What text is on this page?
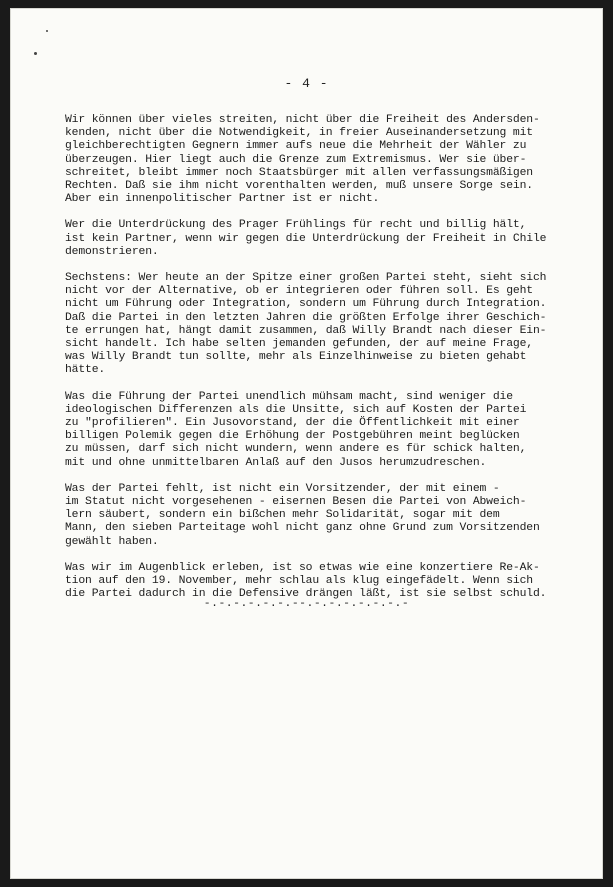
- 4 -
Wir können über vieles streiten, nicht über die Freiheit des Andersden-
kenden, nicht über die Notwendigkeit, in freier Auseinandersetzung mit
gleichberechtigten Gegnern immer aufs neue die Mehrheit der Wähler zu
überzeugen. Hier liegt auch die Grenze zum Extremismus. Wer sie über-
schreitet, bleibt immer noch Staatsbürger mit allen verfassungsmäßigen
Rechten. Daß sie ihm nicht vorenthalten werden, muß unsere Sorge sein.
Aber ein innenpolitischer Partner ist er nicht.
Wer die Unterdrückung des Prager Frühlings für recht und billig hält,
ist kein Partner, wenn wir gegen die Unterdrückung der Freiheit in Chile
demonstrieren.
Sechstens: Wer heute an der Spitze einer großen Partei steht, sieht sich
nicht vor der Alternative, ob er integrieren oder führen soll. Es geht
nicht um Führung oder Integration, sondern um Führung durch Integration.
Daß die Partei in den letzten Jahren die größten Erfolge ihrer Geschich-
te errungen hat, hängt damit zusammen, daß Willy Brandt nach dieser Ein-
sicht handelt. Ich habe selten jemanden gefunden, der auf meine Frage,
was Willy Brandt tun sollte, mehr als Einzelhinweise zu bieten gehabt
hätte.
Was die Führung der Partei unendlich mühsam macht, sind weniger die
ideologischen Differenzen als die Unsitte, sich auf Kosten der Partei
zu "profilieren". Ein Jusovorstand, der die Öffentlichkeit mit einer
billigen Polemik gegen die Erhöhung der Postgebühren meint beglücken
zu müssen, darf sich nicht wundern, wenn andere es für schick halten,
mit und ohne unmittelbaren Anlaß auf den Jusos herumzudreschen.
Was der Partei fehlt, ist nicht ein Vorsitzender, der mit einem -
im Statut nicht vorgesehenen - eisernen Besen die Partei von Abweich-
lern säubert, sondern ein bißchen mehr Solidarität, sogar mit dem
Mann, den sieben Parteitage wohl nicht ganz ohne Grund zum Vorsitzenden
gewählt haben.
Was wir im Augenblick erleben, ist so etwas wie eine konzertiere Re-Ak-
tion auf den 19. November, mehr schlau als klug eingefädelt. Wenn sich
die Partei dadurch in die Defensive drängen läßt, ist sie selbst schuld.
-.-.-.-.-.-.--.-.-.-.-.-.-.-
